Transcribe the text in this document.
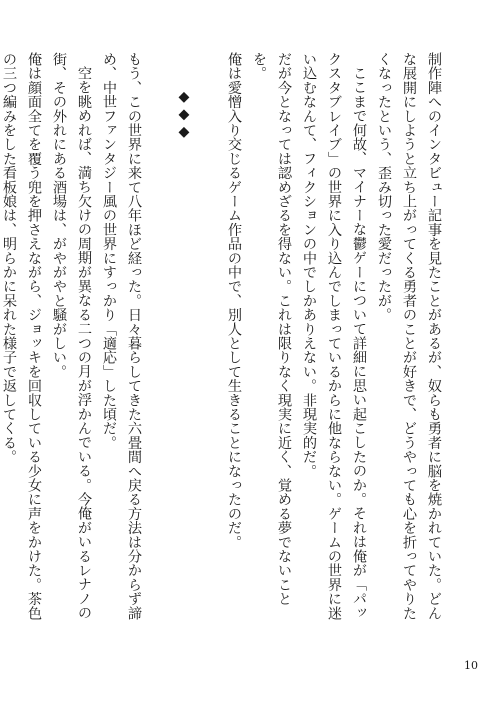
制作陣へのインタビュー記事を見たことがあるが、奴らも勇者に脳を焼かれていた。どんな展開にしようと立ち上がってくる勇者のことが好きで、どうやっても心を折ってやりたくなったという、歪み切った愛だったが。

ここまで何故、マイナーな鬱ゲーについて詳細に思い起こしたのか。それは俺が「パックスタブレイブ」の世界に入り込んでしまっているからに他ならない。ゲームの世界に迷い込むなんて、フィクションの中でしかありえない。非現実的だ。

だが今となっては認めざるを得ない。これは限りなく現実に近く、覚める夢でないことを。

俺は愛憎入り交じるゲーム作品の中で、別人として生きることになったのだ。

◆◆◆

もう、この世界に来て八年ほど経った。日々暮らしてきた六畳間へ戻る方法は分からず諦め、中世ファンタジー風の世界にすっかり「適応」した頃だ。

空を眺めれば、満ち欠けの周期が異なる二つの月が浮かんでいる。今俺がいるレナノの街、その外れにある酒場は、がやがやと騒がしい。

俺は顔面全てを覆う兜を押さえながら、ジョッキを回収している少女に声をかけた。茶色の三つ編みをした看板娘は、明らかに呆れた様子で返してくる。

10
